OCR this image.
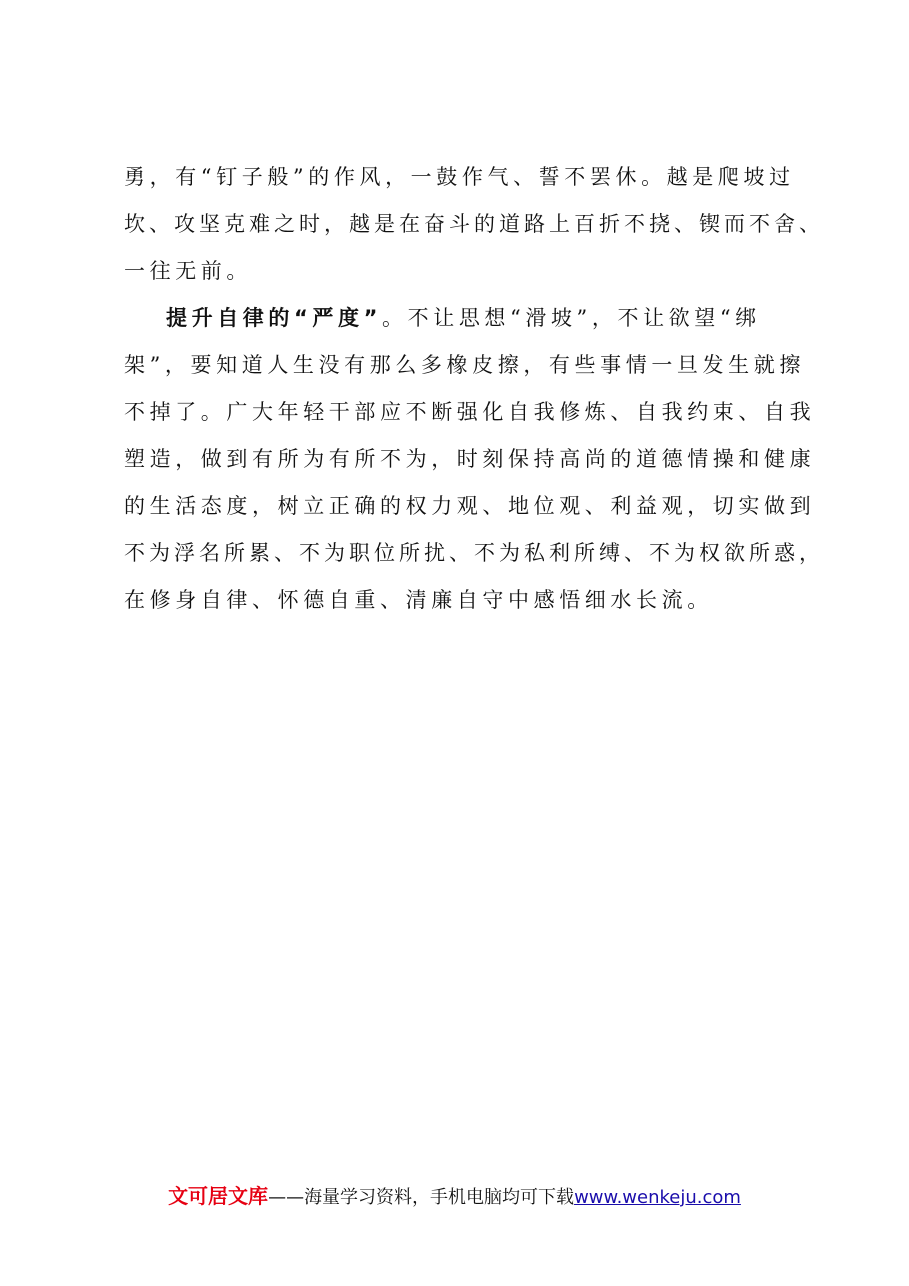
勇，有“钉子般”的作风，一鼓作气、誓不罢休。越是爬坡过
坎、攻坚克难之时，越是在奋斗的道路上百折不挠、锲而不舍、
一往无前。
提升自律的“严度”。不让思想“滑坡”，不让欲望“绑
架”，要知道人生没有那么多橡皮擦，有些事情一旦发生就擦
不掉了。广大年轻干部应不断强化自我修炼、自我约束、自我
塑造，做到有所为有所不为，时刻保持高尚的道德情操和健康
的生活态度，树立正确的权力观、地位观、利益观，切实做到
不为浮名所累、不为职位所扰、不为私利所缚、不为权欲所惑，
在修身自律、怀德自重、清廉自守中感悟细水长流。
文可居文库——海量学习资料，手机电脑均可下载www.wenkeju.com
